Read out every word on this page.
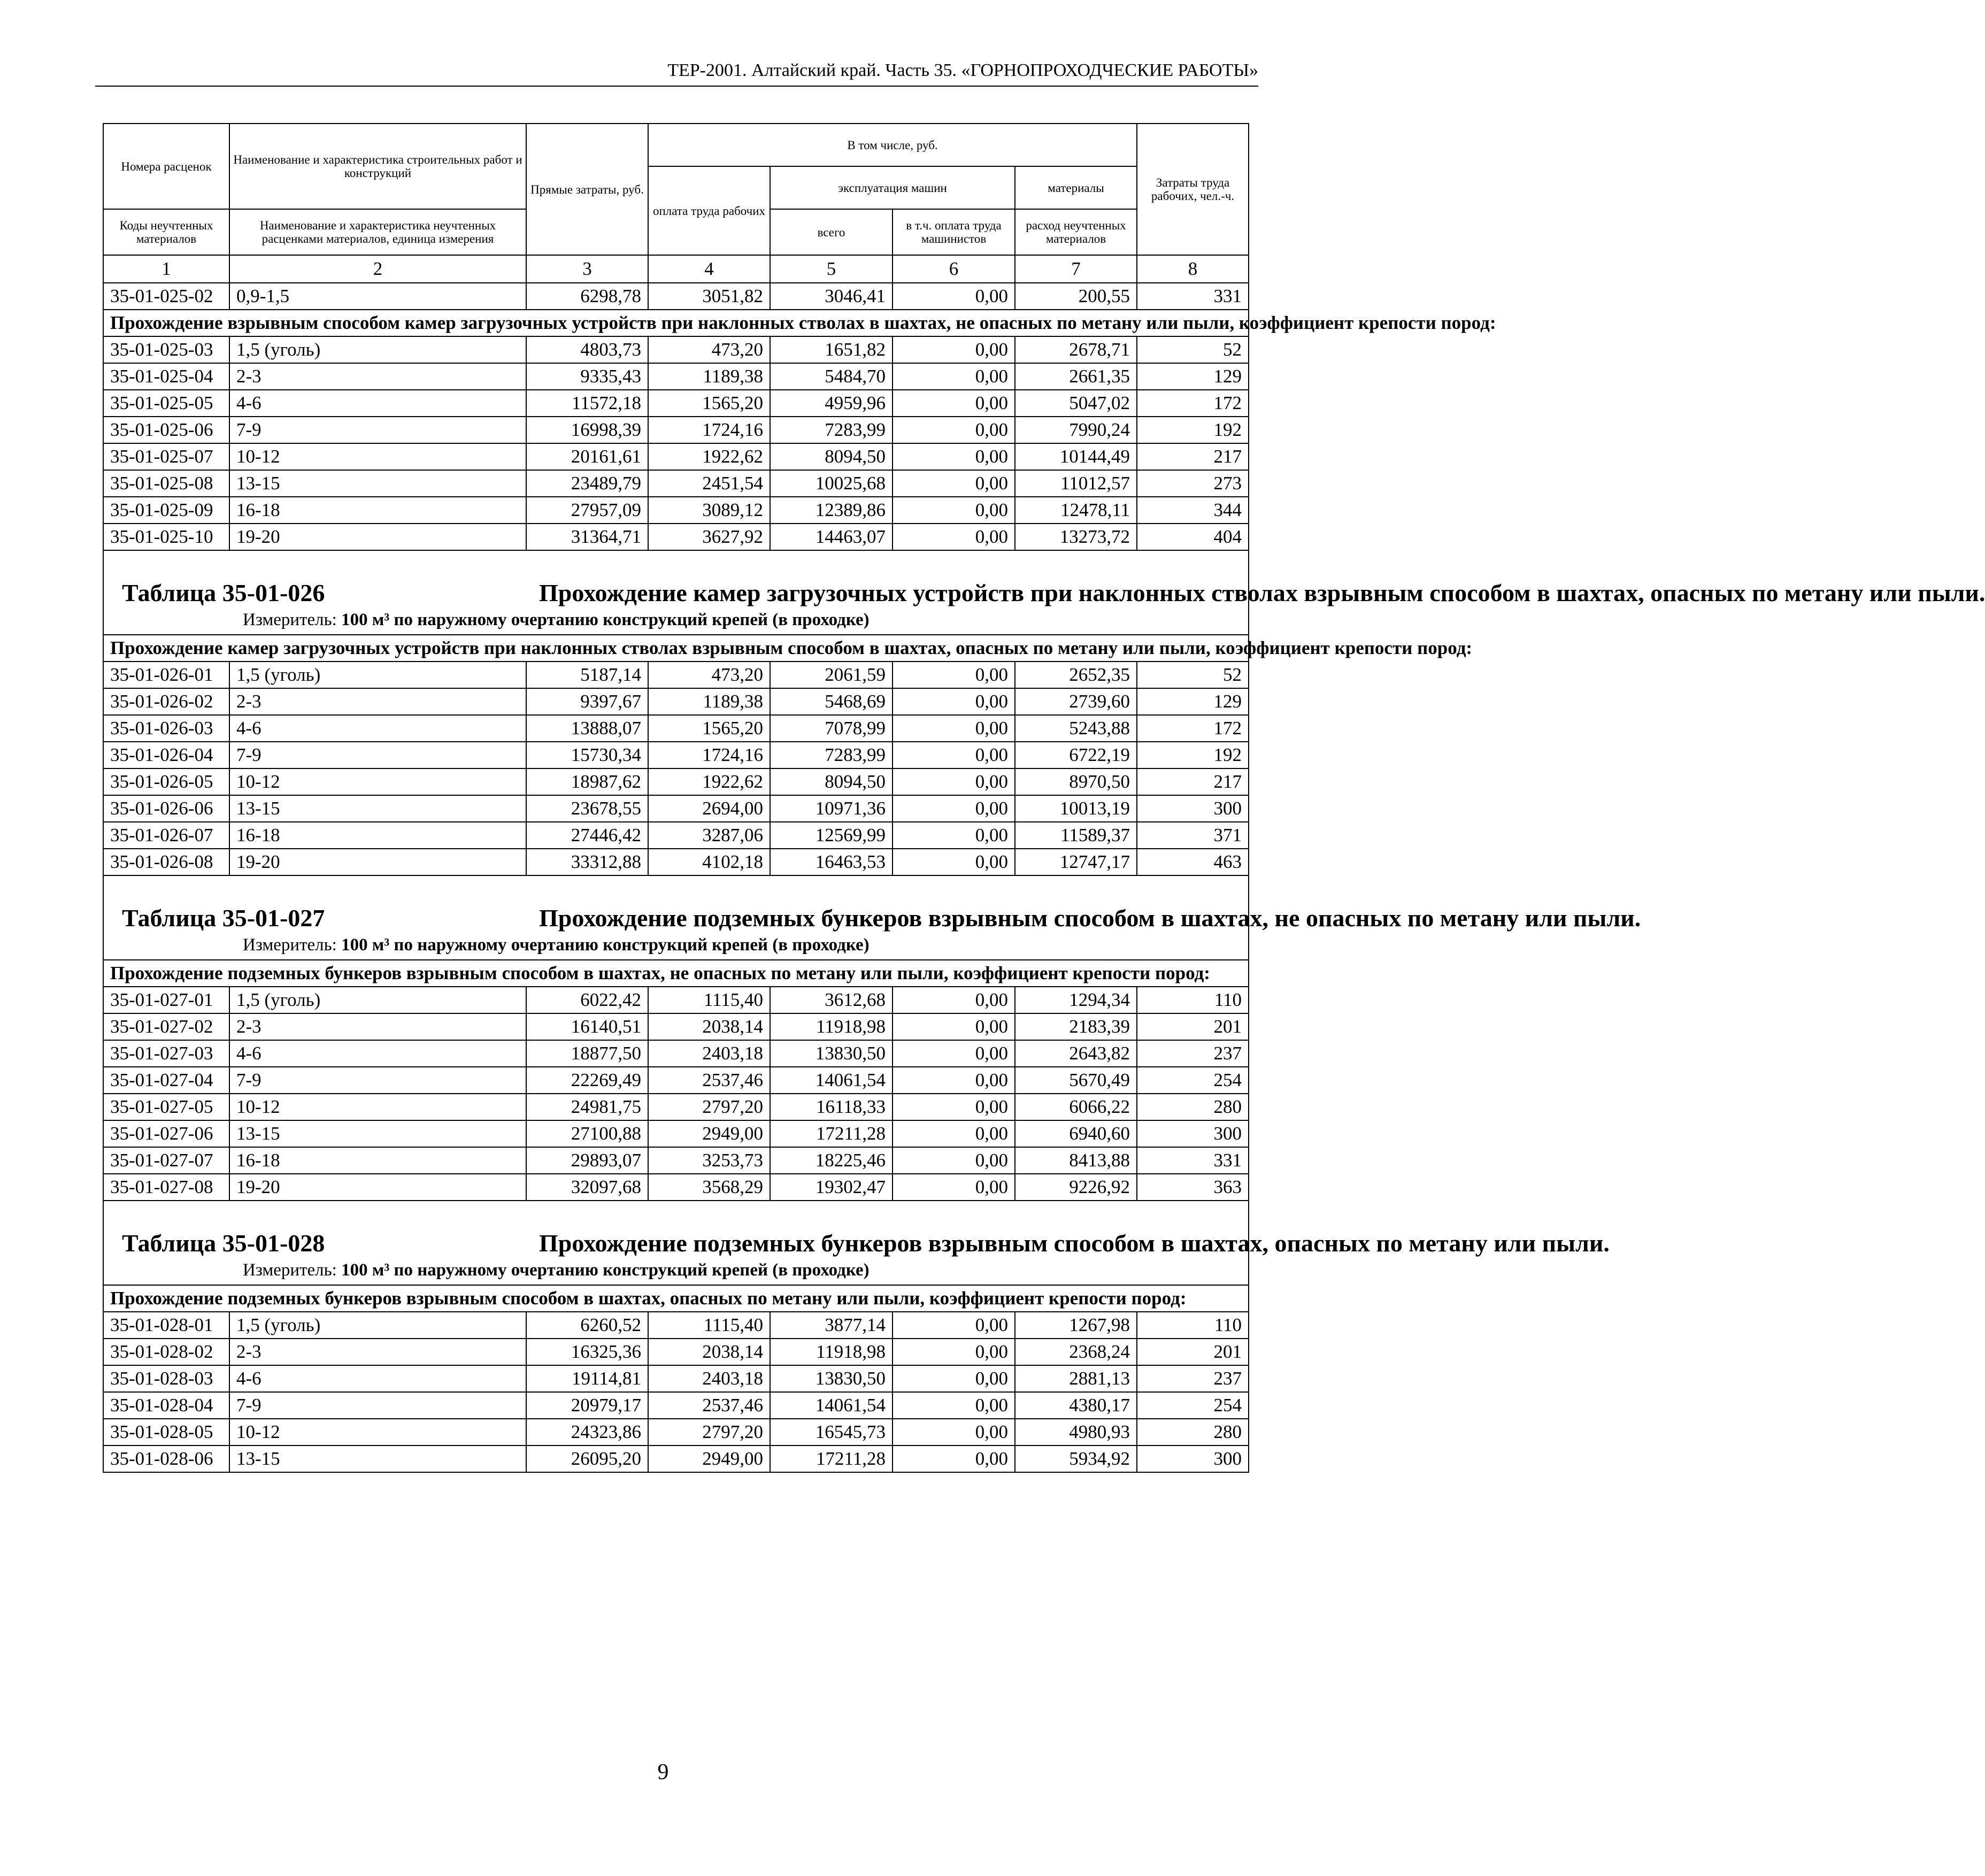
ТЕР-2001. Алтайский край. Часть 35. «ГОРНОПРОХОДЧЕСКИЕ РАБОТЫ»
Номера расценок	Наименование и характеристика строительных работ и конструкций	Прямые затраты, руб.	В том числе, руб.				Затраты труда рабочих, чел.-ч.
			оплата труда рабочих	эксплуатация машин		материалы	
Коды неучтенных материалов	Наименование и характеристика неучтенных расценками материалов, единица измерения			всего	в т.ч. оплата труда машинистов	расход неучтенных материалов	
1	2	3	4	5	6	7	8
35-01-025-02	0,9-1,5	6298,78	3051,82	3046,41	0,00	200,55	331
Прохождение взрывным способом камер загрузочных устройств при наклонных стволах в шахтах, не опасных по метану или пыли, коэффициент крепости пород:							
35-01-025-03	1,5 (уголь)	4803,73	473,20	1651,82	0,00	2678,71	52
35-01-025-04	2-3	9335,43	1189,38	5484,70	0,00	2661,35	129
35-01-025-05	4-6	11572,18	1565,20	4959,96	0,00	5047,02	172
35-01-025-06	7-9	16998,39	1724,16	7283,99	0,00	7990,24	192
35-01-025-07	10-12	20161,61	1922,62	8094,50	0,00	10144,49	217
35-01-025-08	13-15	23489,79	2451,54	10025,68	0,00	11012,57	273
35-01-025-09	16-18	27957,09	3089,12	12389,86	0,00	12478,11	344
35-01-025-10	19-20	31364,71	3627,92	14463,07	0,00	13273,72	404

Таблица 35-01-026 Прохождение камер загрузочных устройств при наклонных стволах взрывным способом в шахтах, опасных по метану или пыли.
Измеритель: 100 м³ по наружному очертанию конструкций крепей (в проходке)							

Прохождение камер загрузочных устройств при наклонных стволах взрывным способом в шахтах, опасных по метану или пыли, коэффициент крепости пород:							
35-01-026-01	1,5 (уголь)	5187,14	473,20	2061,59	0,00	2652,35	52
35-01-026-02	2-3	9397,67	1189,38	5468,69	0,00	2739,60	129
35-01-026-03	4-6	13888,07	1565,20	7078,99	0,00	5243,88	172
35-01-026-04	7-9	15730,34	1724,16	7283,99	0,00	6722,19	192
35-01-026-05	10-12	18987,62	1922,62	8094,50	0,00	8970,50	217
35-01-026-06	13-15	23678,55	2694,00	10971,36	0,00	10013,19	300
35-01-026-07	16-18	27446,42	3287,06	12569,99	0,00	11589,37	371
35-01-026-08	19-20	33312,88	4102,18	16463,53	0,00	12747,17	463

Таблица 35-01-027 Прохождение подземных бункеров взрывным способом в шахтах, не опасных по метану или пыли.
Измеритель: 100 м³ по наружному очертанию конструкций крепей (в проходке)							

Прохождение подземных бункеров взрывным способом в шахтах, не опасных по метану или пыли, коэффициент крепости пород:							
35-01-027-01	1,5 (уголь)	6022,42	1115,40	3612,68	0,00	1294,34	110
35-01-027-02	2-3	16140,51	2038,14	11918,98	0,00	2183,39	201
35-01-027-03	4-6	18877,50	2403,18	13830,50	0,00	2643,82	237
35-01-027-04	7-9	22269,49	2537,46	14061,54	0,00	5670,49	254
35-01-027-05	10-12	24981,75	2797,20	16118,33	0,00	6066,22	280
35-01-027-06	13-15	27100,88	2949,00	17211,28	0,00	6940,60	300
35-01-027-07	16-18	29893,07	3253,73	18225,46	0,00	8413,88	331
35-01-027-08	19-20	32097,68	3568,29	19302,47	0,00	9226,92	363

Таблица 35-01-028 Прохождение подземных бункеров взрывным способом в шахтах, опасных по метану или пыли.
Измеритель: 100 м³ по наружному очертанию конструкций крепей (в проходке)							

Прохождение подземных бункеров взрывным способом в шахтах, опасных по метану или пыли, коэффициент крепости пород:							
35-01-028-01	1,5 (уголь)	6260,52	1115,40	3877,14	0,00	1267,98	110
35-01-028-02	2-3	16325,36	2038,14	11918,98	0,00	2368,24	201
35-01-028-03	4-6	19114,81	2403,18	13830,50	0,00	2881,13	237
35-01-028-04	7-9	20979,17	2537,46	14061,54	0,00	4380,17	254
35-01-028-05	10-12	24323,86	2797,20	16545,73	0,00	4980,93	280
35-01-028-06	13-15	26095,20	2949,00	17211,28	0,00	5934,92	300
9
